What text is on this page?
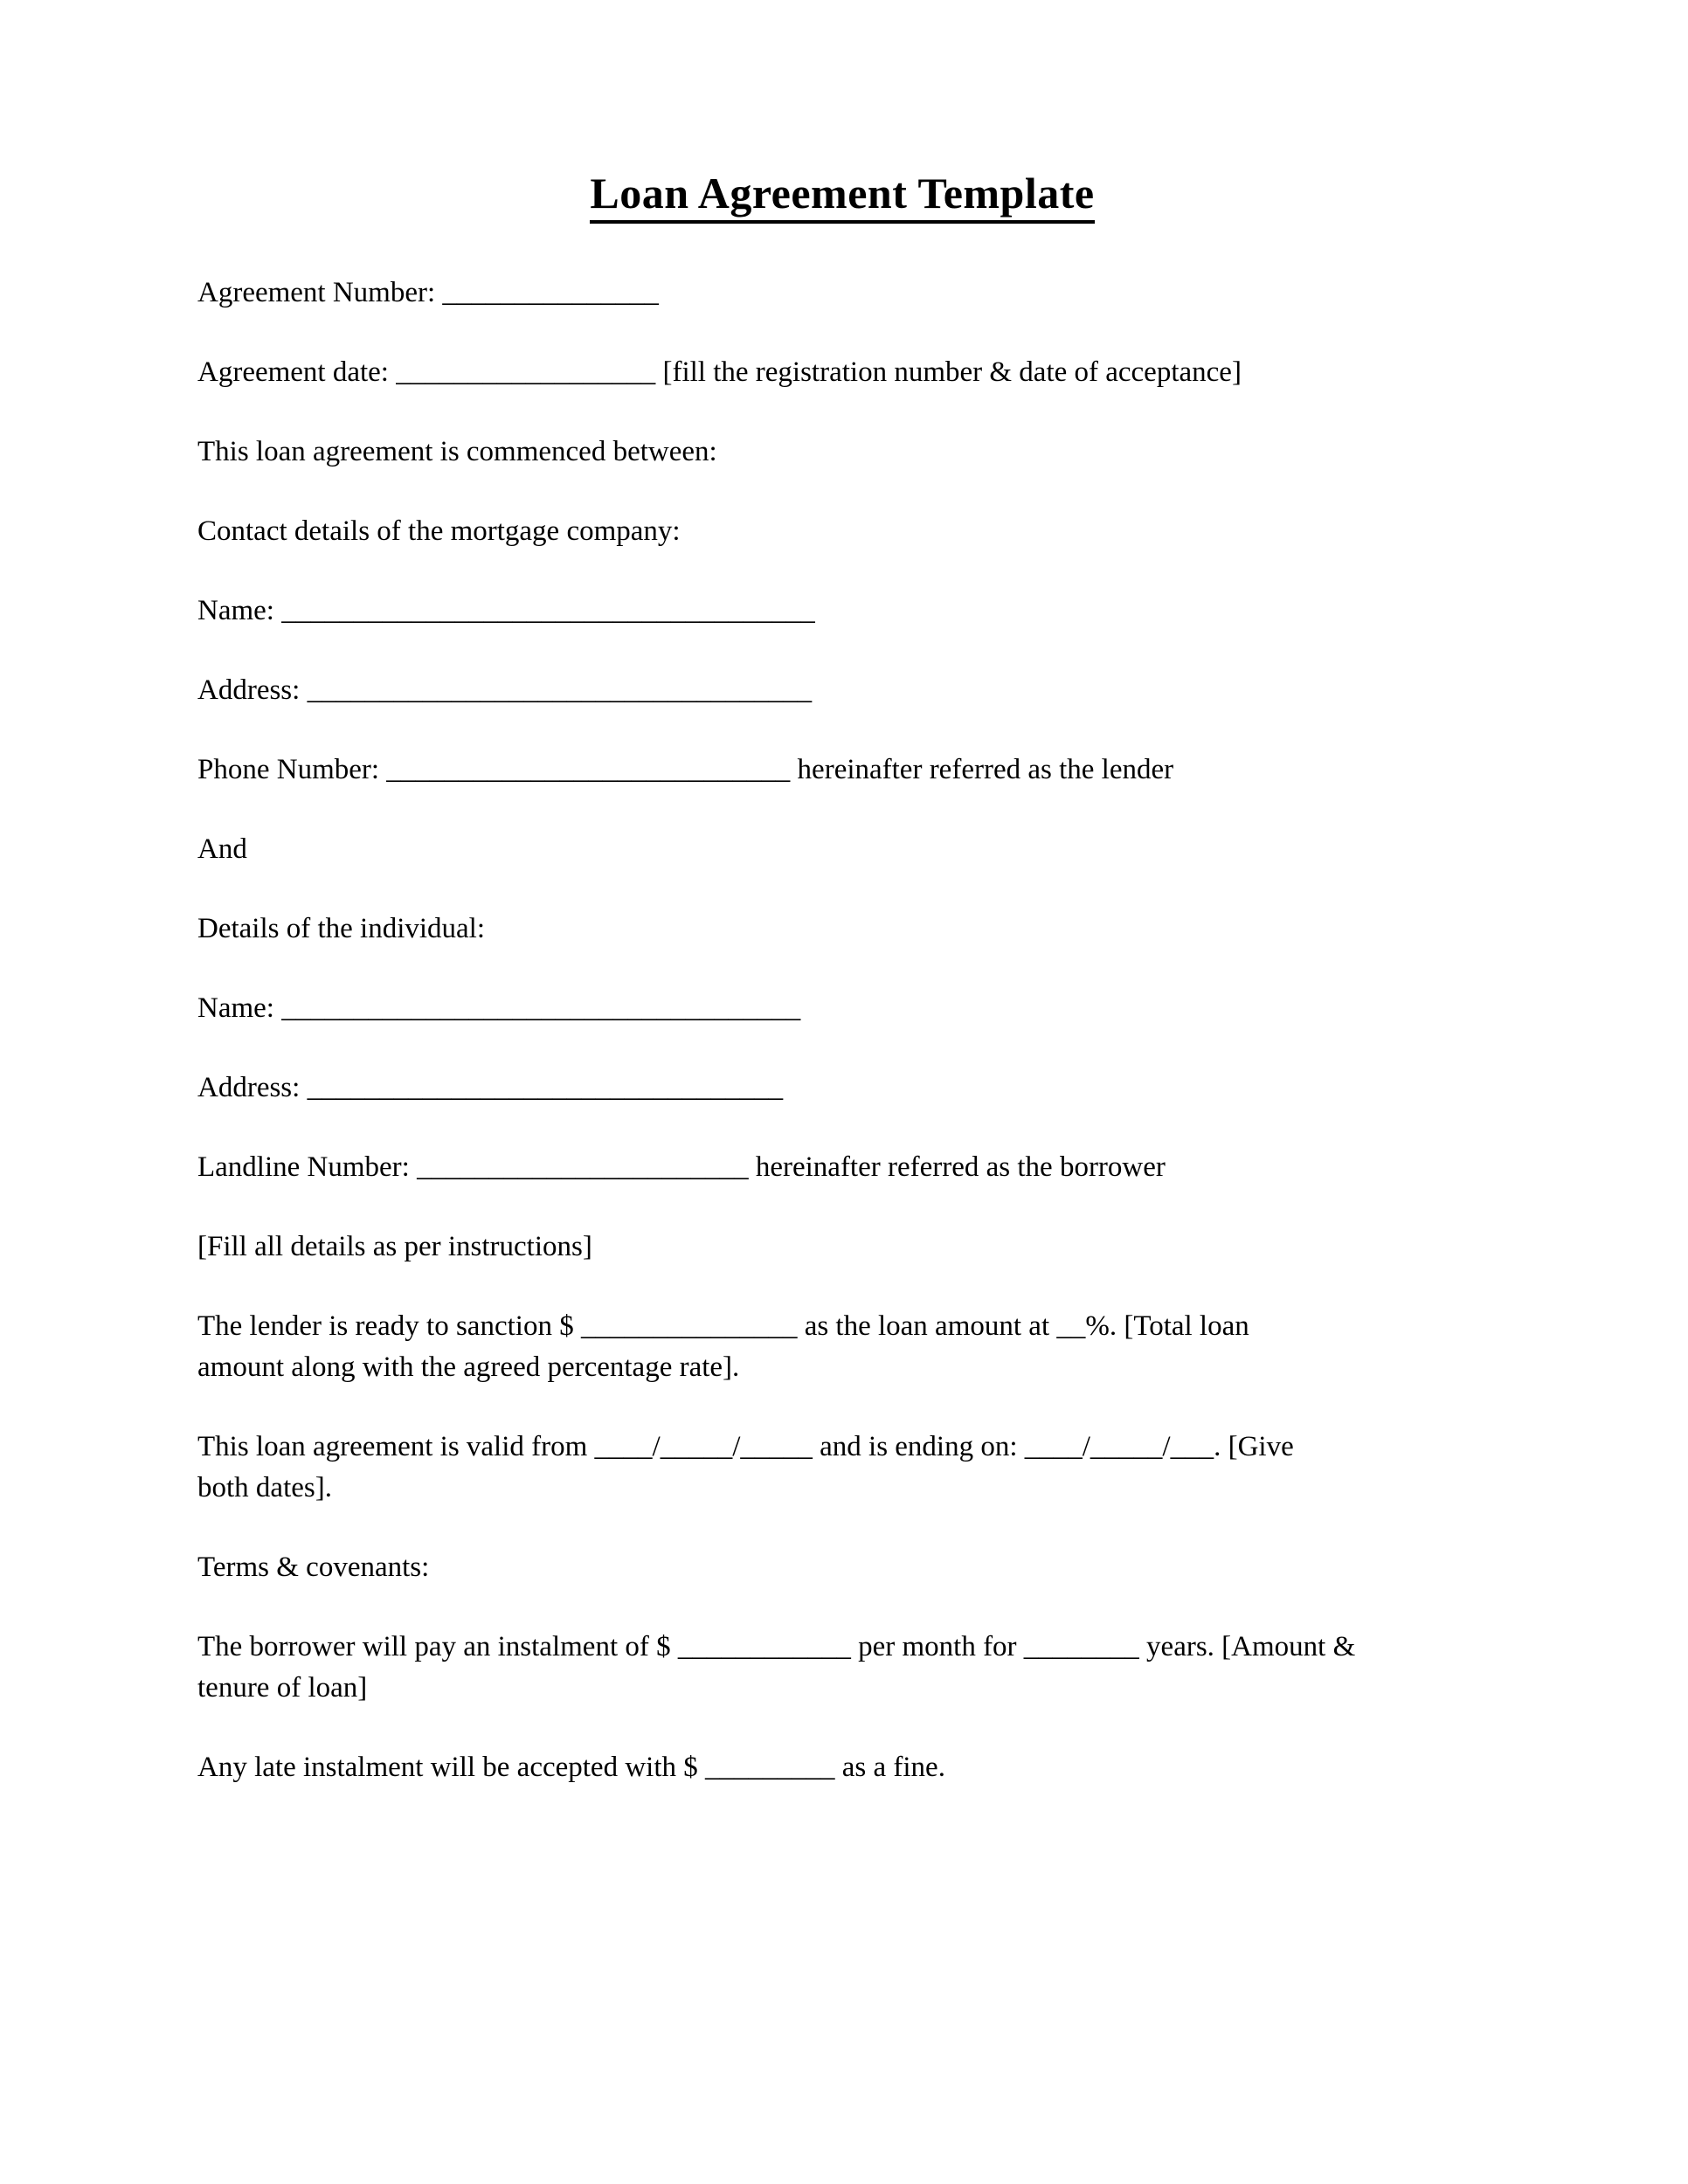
Loan Agreement Template

Agreement Number: _______________

Agreement date: __________________ [fill the registration number & date of acceptance]

This loan agreement is commenced between:

Contact details of the mortgage company:

Name: _____________________________________

Address: ___________________________________

Phone Number: ____________________________ hereinafter referred as the lender

And

Details of the individual:

Name: ____________________________________

Address: _________________________________

Landline Number: _______________________ hereinafter referred as the borrower

[Fill all details as per instructions]

The lender is ready to sanction $ _______________ as the loan amount at __%. [Total loan
amount along with the agreed percentage rate].

This loan agreement is valid from ____/_____/_____ and is ending on: ____/_____/___. [Give
both dates].

Terms & covenants:

The borrower will pay an instalment of $ ____________ per month for ________ years. [Amount &
tenure of loan]

Any late instalment will be accepted with $ _________ as a fine.
